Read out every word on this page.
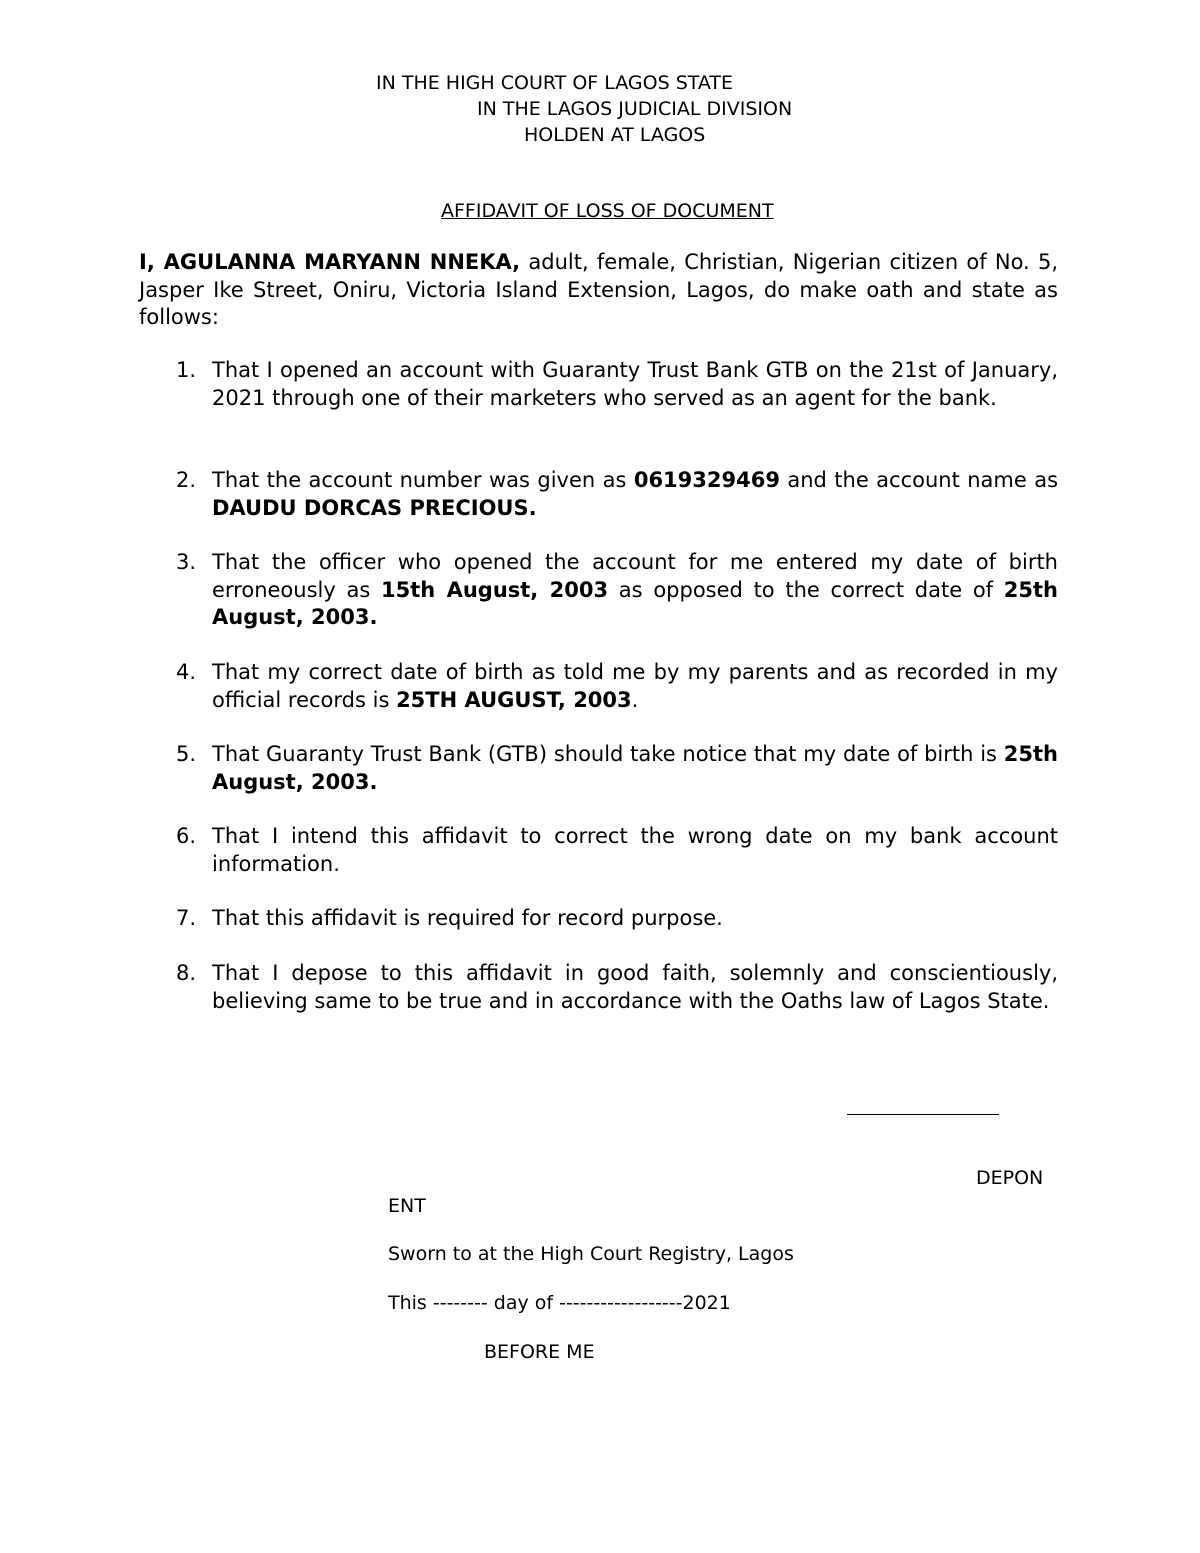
IN THE HIGH COURT OF LAGOS STATE
IN THE LAGOS JUDICIAL DIVISION
HOLDEN AT LAGOS
AFFIDAVIT OF LOSS OF DOCUMENT
I, AGULANNA MARYANN NNEKA, adult, female, Christian, Nigerian citizen of No. 5, Jasper Ike Street, Oniru, Victoria Island Extension, Lagos, do make oath and state as follows:
1. That I opened an account with Guaranty Trust Bank GTB on the 21st of January, 2021 through one of their marketers who served as an agent for the bank.
2. That the account number was given as 0619329469 and the account name as DAUDU DORCAS PRECIOUS.
3. That the officer who opened the account for me entered my date of birth erroneously as 15th August, 2003 as opposed to the correct date of 25th August, 2003.
4. That my correct date of birth as told me by my parents and as recorded in my official records is 25TH AUGUST, 2003.
5. That Guaranty Trust Bank (GTB) should take notice that my date of birth is 25th August, 2003.
6. That I intend this affidavit to correct the wrong date on my bank account information.
7. That this affidavit is required for record purpose.
8. That I depose to this affidavit in good faith, solemnly and conscientiously, believing same to be true and in accordance with the Oaths law of Lagos State.
DEPON
ENT
Sworn to at the High Court Registry, Lagos
This -------- day of ------------------2021
BEFORE ME
